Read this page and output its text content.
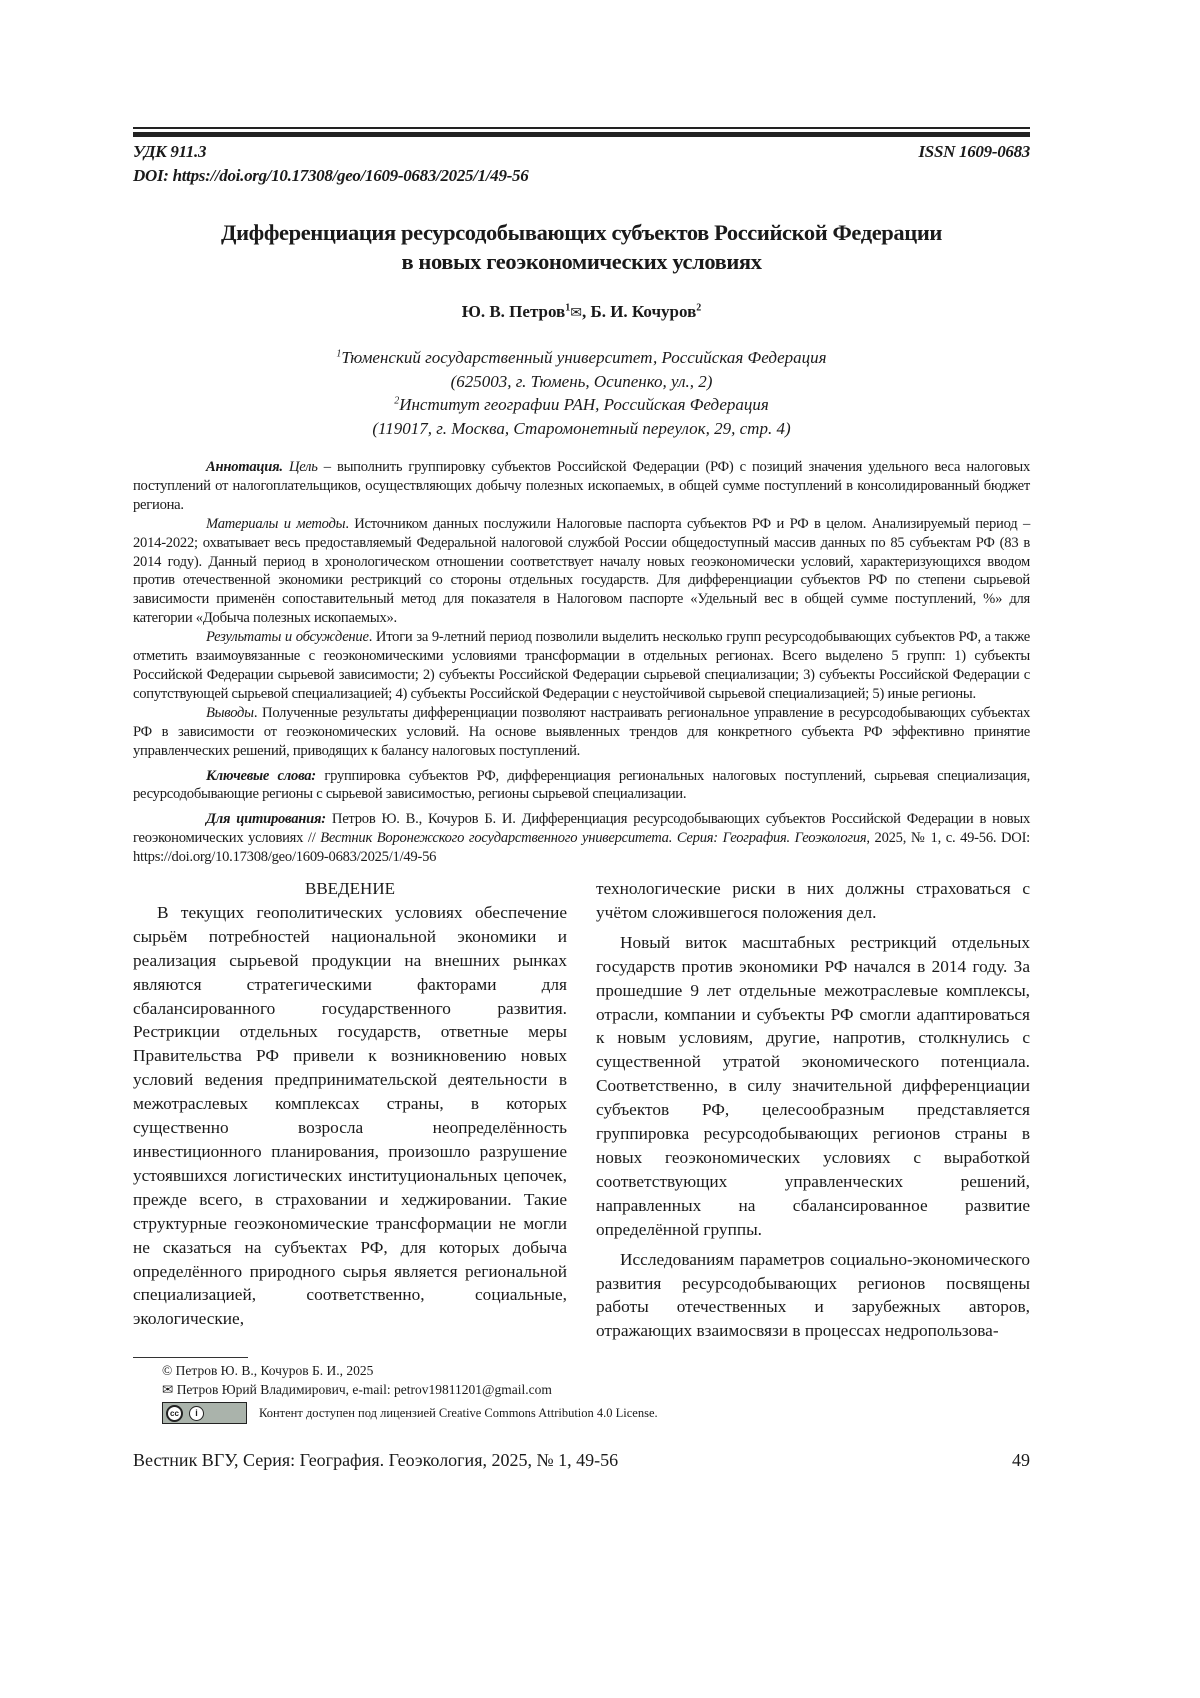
УДК 911.3
DOI: https://doi.org/10.17308/geo/1609-0683/2025/1/49-56
ISSN 1609-0683
Дифференциация ресурсодобывающих субъектов Российской Федерации
в новых геоэкономических условиях
Ю. В. Петров$^1$✉, Б. И. Кочуров$^2$
$^1$Тюменский государственный университет, Российская Федерация
(625003, г. Тюмень, Осипенко, ул., 2)
$^2$Институт географии РАН, Российская Федерация
(119017, г. Москва, Старомонетный переулок, 29, стр. 4)

Аннотация. Цель – выполнить группировку субъектов Российской Федерации (РФ) с позиций значения удельного веса налоговых поступлений от налогоплательщиков, осуществляющих добычу полезных ископаемых, в общей сумме поступлений в консолидированный бюджет региона.

Материалы и методы. Источником данных послужили Налоговые паспорта субъектов РФ и РФ в целом. Анализируемый период – 2014-2022; охватывает весь предоставляемый Федеральной налоговой службой России общедоступный массив данных по 85 субъектам РФ (83 в 2014 году). Данный период в хронологическом отношении соответствует началу новых геоэкономически условий, характеризующихся вводом против отечественной экономики рестрикций со стороны отдельных государств. Для дифференциации субъектов РФ по степени сырьевой зависимости применён сопоставительный метод для показателя в Налоговом паспорте «Удельный вес в общей сумме поступлений, %» для категории «Добыча полезных ископаемых».

Результаты и обсуждение. Итоги за 9-летний период позволили выделить несколько групп ресурсодобывающих субъектов РФ, а также отметить взаимоувязанные с геоэкономическими условиями трансформации в отдельных регионах. Всего выделено 5 групп: 1) субъекты Российской Федерации сырьевой зависимости; 2) субъекты Российской Федерации сырьевой специализации; 3) субъекты Российской Федерации с сопутствующей сырьевой специализацией; 4) субъекты Российской Федерации с неустойчивой сырьевой специализацией; 5) иные регионы.

Выводы. Полученные результаты дифференциации позволяют настраивать региональное управление в ресурсодобывающих субъектах РФ в зависимости от геоэкономических условий. На основе выявленных трендов для конкретного субъекта РФ эффективно принятие управленческих решений, приводящих к балансу налоговых поступлений.

Ключевые слова: группировка субъектов РФ, дифференциация региональных налоговых поступлений, сырьевая специализация, ресурсодобывающие регионы с сырьевой зависимостью, регионы сырьевой специализации.

Для цитирования: Петров Ю. В., Кочуров Б. И. Дифференциация ресурсодобывающих субъектов Российской Федерации в новых геоэкономических условиях // Вестник Воронежского государственного университета. Серия: География. Геоэкология, 2025, № 1, с. 49-56. DOI: https://doi.org/10.17308/geo/1609-0683/2025/1/49-56

ВВЕДЕНИЕ

В текущих геополитических условиях обеспечение сырьём потребностей национальной экономики и реализация сырьевой продукции на внешних рынках являются стратегическими факторами для сбалансированного государственного развития. Рестрикции отдельных государств, ответные меры Правительства РФ привели к возникновению новых условий ведения предпринимательской деятельности в межотраслевых комплексах страны, в которых существенно возросла неопределённость инвестиционного планирования, произошло разрушение устоявшихся логистических институциональных цепочек, прежде всего, в страховании и хеджировании. Такие структурные геоэкономические трансформации не могли не сказаться на субъектах РФ, для которых добыча определённого природного сырья является региональной специализацией, соответственно, социальные, экологические,

технологические риски в них должны страховаться с учётом сложившегося положения дел.

Новый виток масштабных рестрикций отдельных государств против экономики РФ начался в 2014 году. За прошедшие 9 лет отдельные межотраслевые комплексы, отрасли, компании и субъекты РФ смогли адаптироваться к новым условиям, другие, напротив, столкнулись с существенной утратой экономического потенциала. Соответственно, в силу значительной дифференциации субъектов РФ, целесообразным представляется группировка ресурсодобывающих регионов страны в новых геоэкономических условиях с выработкой соответствующих управленческих решений, направленных на сбалансированное развитие определённой группы.

Исследованиям параметров социально-экономического развития ресурсодобывающих регионов посвящены работы отечественных и зарубежных авторов, отражающих взаимосвязи в процессах недропользова-

© Петров Ю. В., Кочуров Б. И., 2025
✉ Петров Юрий Владимирович, e-mail: petrov19811201@gmail.com
cc	i	Контент доступен под лицензией Creative Commons Attribution 4.0 License.
Вестник ВГУ, Серия: География. Геоэкология, 2025, № 1, 49-56	49
